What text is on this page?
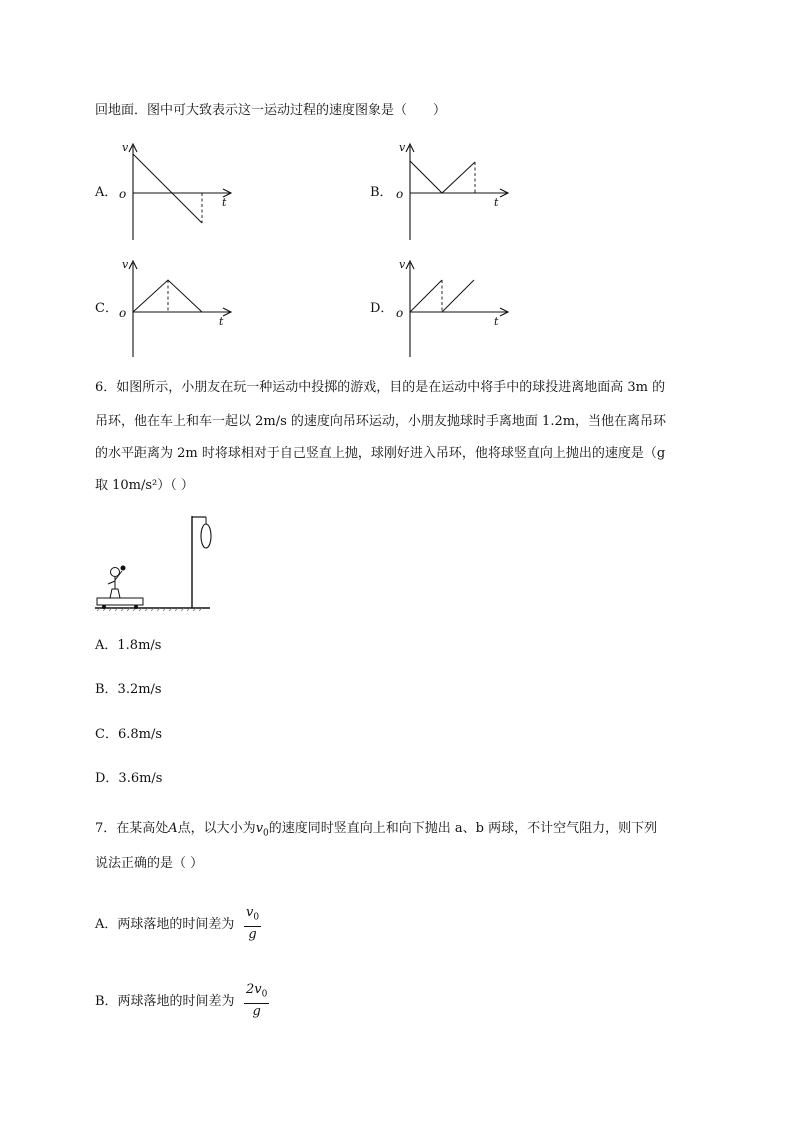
回地面．图中可大致表示这一运动过程的速度图象是（　　）
A．
v
t
o	B．
v
t
o
C．
v
t
o	D．
v
t
o
6．如图所示，小朋友在玩一种运动中投掷的游戏，目的是在运动中将手中的球投进离地面高 3m 的
吊环，他在车上和车一起以 2m/s 的速度向吊环运动，小朋友抛球时手离地面 1.2m，当他在离吊环
的水平距离为 2m 时将球相对于自己竖直上抛，球刚好进入吊环，他将球竖直向上抛出的速度是（g
取 10m/s²）（ ）
A．1.8m/s
B．3.2m/s
C．6.8m/s
D．3.6m/s
7．在某高处A点，以大小为$v_0$的速度同时竖直向上和向下抛出 a、b 两球，不计空气阻力，则下列
说法正确的是（ ）
A．两球落地的时间差为 $\frac{v_0}{g}$
B．两球落地的时间差为 $\frac{2v_0}{g}$
